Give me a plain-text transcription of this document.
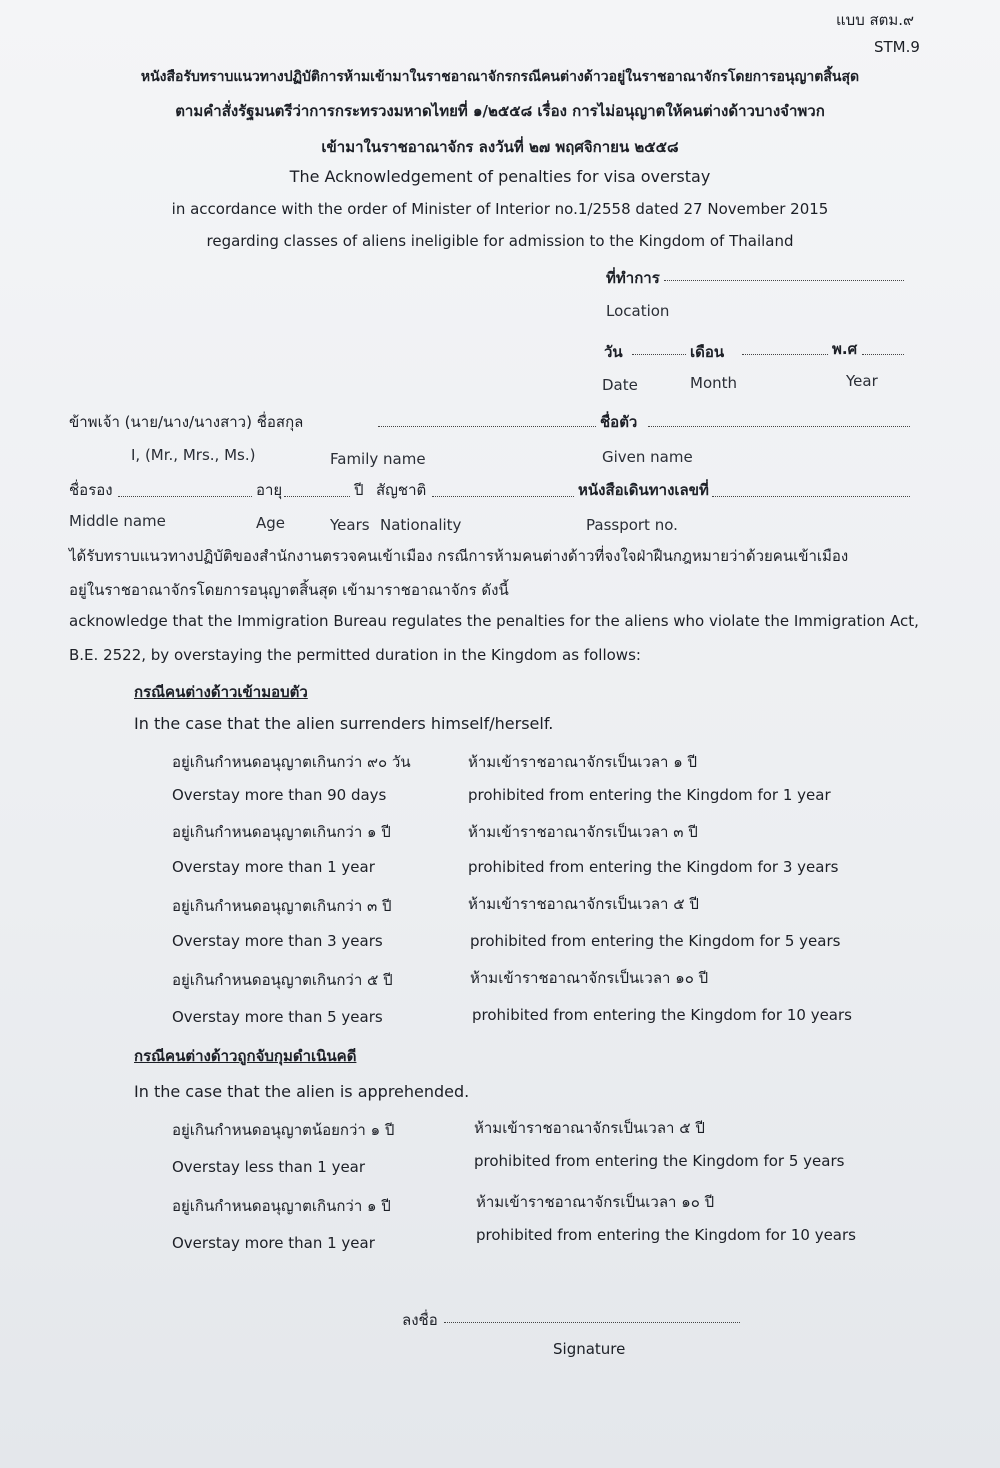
แบบ สตม.๙
STM.9
หนังสือรับทราบแนวทางปฏิบัติการห้ามเข้ามาในราชอาณาจักรกรณีคนต่างด้าวอยู่ในราชอาณาจักรโดยการอนุญาตสิ้นสุด
ตามคำสั่งรัฐมนตรีว่าการกระทรวงมหาดไทยที่ ๑/๒๕๕๘ เรื่อง การไม่อนุญาตให้คนต่างด้าวบางจำพวก
เข้ามาในราชอาณาจักร ลงวันที่ ๒๗ พฤศจิกายน ๒๕๕๘
The Acknowledgement of penalties for visa overstay
in accordance with the order of Minister of Interior no.1/2558 dated 27 November 2015
regarding classes of aliens ineligible for admission to the Kingdom of Thailand
ที่ทำการ
Location
วัน	เดือน	พ.ศ
Date	Month	Year
ข้าพเจ้า (นาย/นาง/นางสาว) ชื่อสกุล	ชื่อตัว
I, (Mr., Mrs., Ms.)	Family name	Given name
ชื่อรอง	อายุ	ปี สัญชาติ	หนังสือเดินทางเลขที่
Middle name	Age	Years Nationality	Passport no.
ได้รับทราบแนวทางปฏิบัติของสำนักงานตรวจคนเข้าเมือง กรณีการห้ามคนต่างด้าวที่จงใจฝ่าฝืนกฎหมายว่าด้วยคนเข้าเมือง
อยู่ในราชอาณาจักรโดยการอนุญาตสิ้นสุด เข้ามาราชอาณาจักร ดังนี้
acknowledge that the Immigration Bureau regulates the penalties for the aliens who violate the Immigration Act,
B.E. 2522, by overstaying the permitted duration in the Kingdom as follows:
กรณีคนต่างด้าวเข้ามอบตัว
In the case that the alien surrenders himself/herself.
อยู่เกินกำหนดอนุญาตเกินกว่า ๙๐ วัน	ห้ามเข้าราชอาณาจักรเป็นเวลา ๑ ปี
Overstay more than 90 days	prohibited from entering the Kingdom for 1 year
อยู่เกินกำหนดอนุญาตเกินกว่า ๑ ปี	ห้ามเข้าราชอาณาจักรเป็นเวลา ๓ ปี
Overstay more than 1 year	prohibited from entering the Kingdom for 3 years
อยู่เกินกำหนดอนุญาตเกินกว่า ๓ ปี	ห้ามเข้าราชอาณาจักรเป็นเวลา ๕ ปี
Overstay more than 3 years	prohibited from entering the Kingdom for 5 years
อยู่เกินกำหนดอนุญาตเกินกว่า ๕ ปี	ห้ามเข้าราชอาณาจักรเป็นเวลา ๑๐ ปี
Overstay more than 5 years	prohibited from entering the Kingdom for 10 years
กรณีคนต่างด้าวถูกจับกุมดำเนินคดี
In the case that the alien is apprehended.
อยู่เกินกำหนดอนุญาตน้อยกว่า ๑ ปี	ห้ามเข้าราชอาณาจักรเป็นเวลา ๕ ปี
Overstay less than 1 year	prohibited from entering the Kingdom for 5 years
อยู่เกินกำหนดอนุญาตเกินกว่า ๑ ปี	ห้ามเข้าราชอาณาจักรเป็นเวลา ๑๐ ปี
Overstay more than 1 year	prohibited from entering the Kingdom for 10 years
ลงชื่อ
Signature
